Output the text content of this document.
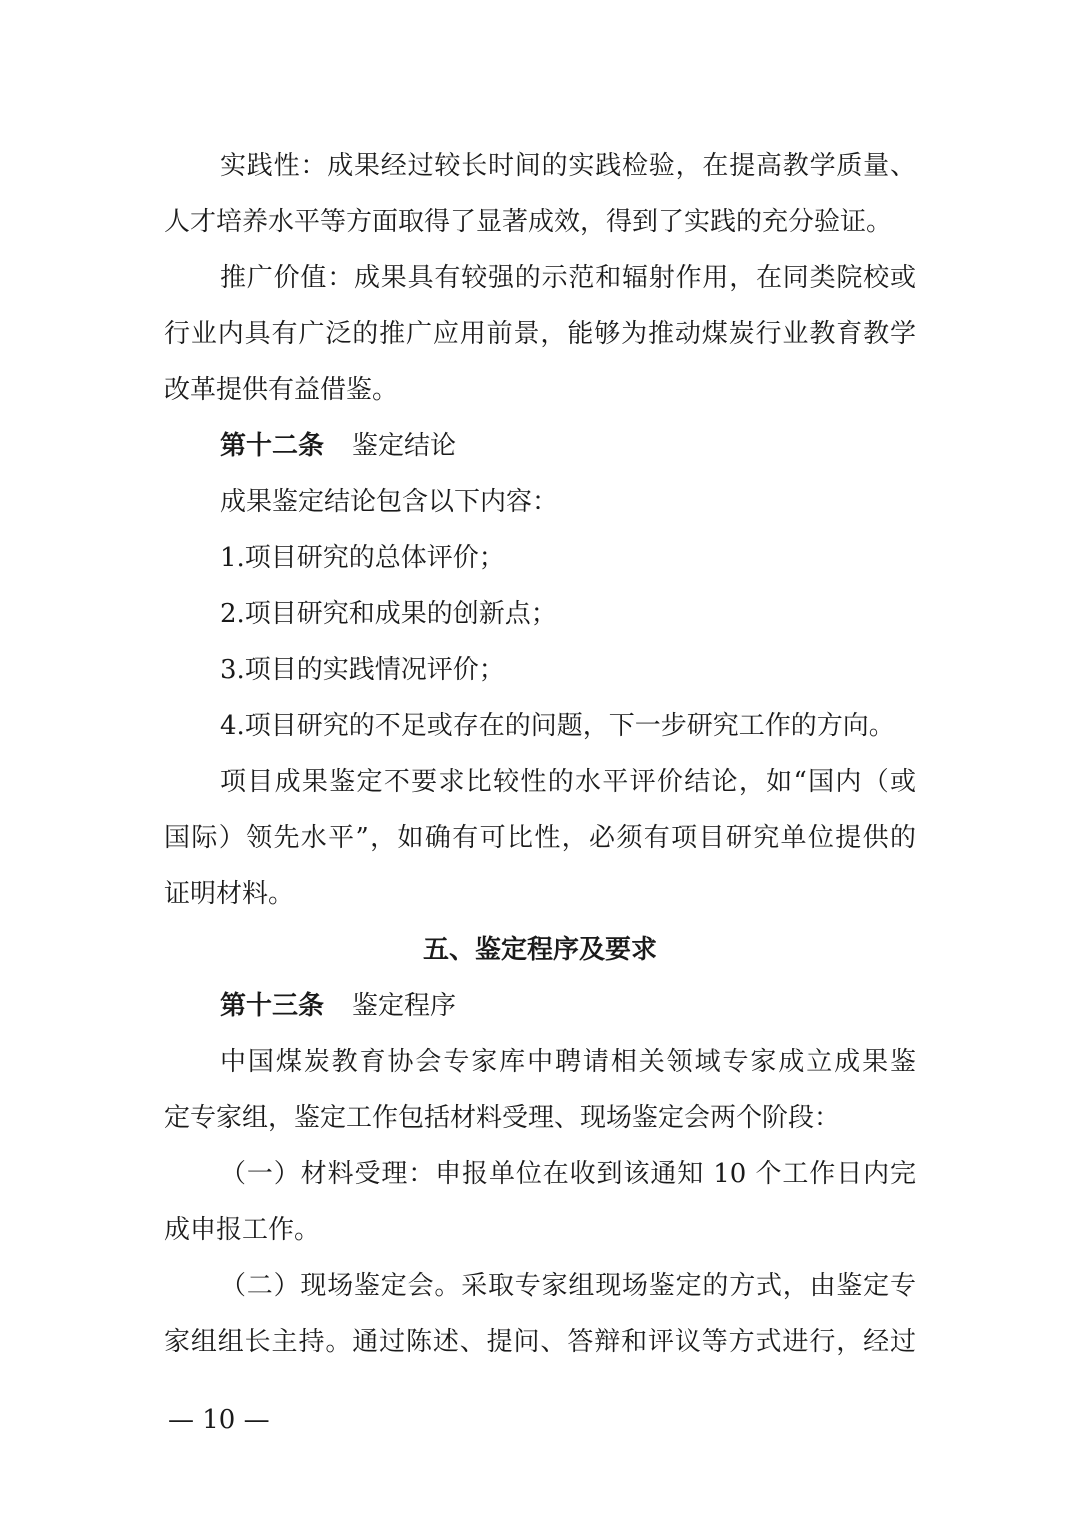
实践性：成果经过较长时间的实践检验，在提高教学质量、
人才培养水平等方面取得了显著成效，得到了实践的充分验证。
推广价值：成果具有较强的示范和辐射作用，在同类院校或
行业内具有广泛的推广应用前景，能够为推动煤炭行业教育教学
改革提供有益借鉴。
第十二条 鉴定结论
成果鉴定结论包含以下内容：
1.项目研究的总体评价；
2.项目研究和成果的创新点；
3.项目的实践情况评价；
4.项目研究的不足或存在的问题，下一步研究工作的方向。
项目成果鉴定不要求比较性的水平评价结论，如“国内（或
国际）领先水平”，如确有可比性，必须有项目研究单位提供的
证明材料。
五、鉴定程序及要求
第十三条 鉴定程序
中国煤炭教育协会专家库中聘请相关领域专家成立成果鉴
定专家组，鉴定工作包括材料受理、现场鉴定会两个阶段：
（一）材料受理：申报单位在收到该通知 10 个工作日内完
成申报工作。
（二）现场鉴定会。采取专家组现场鉴定的方式，由鉴定专
家组组长主持。通过陈述、提问、答辩和评议等方式进行，经过
— 10 —
